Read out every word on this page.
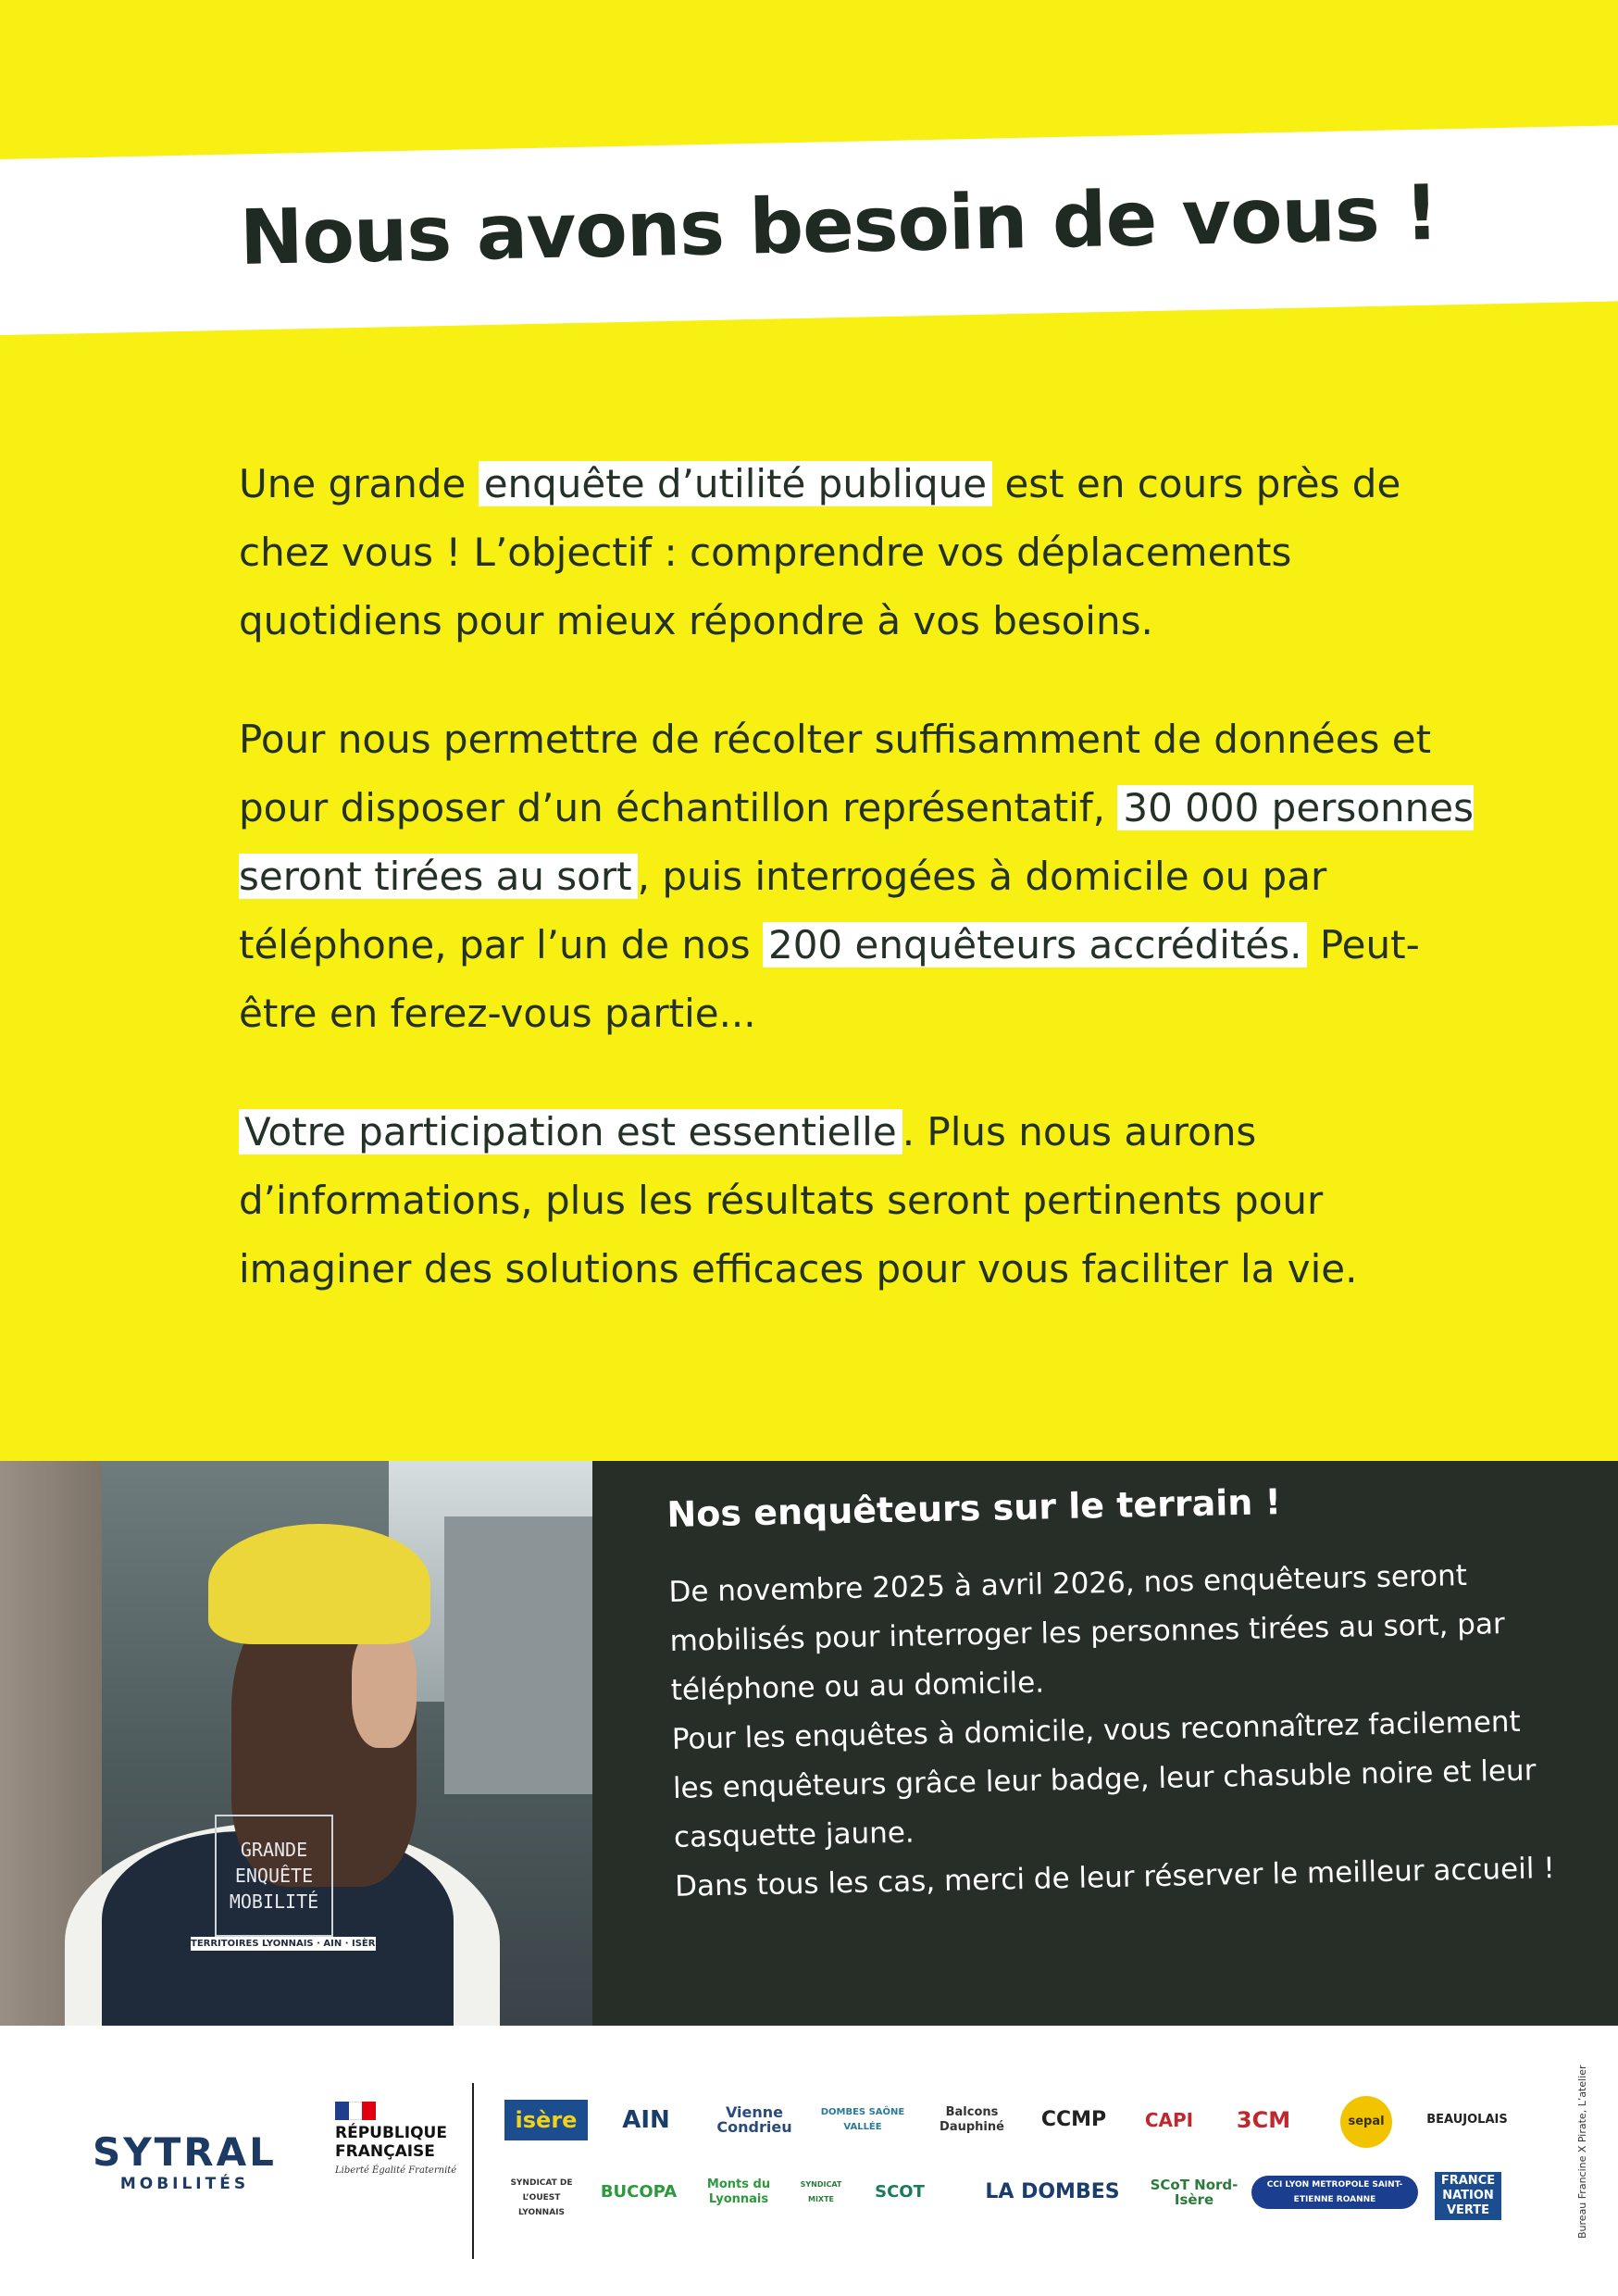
Nous avons besoin de vous !

Une grande enquête d’utilité publique est en cours près de chez vous ! L’objectif : comprendre vos déplacements quotidiens pour mieux répondre à vos besoins.

Pour nous permettre de récolter suffisamment de données et pour disposer d’un échantillon représentatif, 30 000 personnes seront tirées au sort , puis interrogées à domicile ou par téléphone, par l’un de nos 200 enquêteurs accrédités. Peut-être en ferez-vous partie...

Votre participation est essentielle . Plus nous aurons d’informations, plus les résultats seront pertinents pour imaginer des solutions efficaces pour vous faciliter la vie.

GRANDE
ENQUÊTE
MOBILITÉ
TERRITOIRES LYONNAIS · AIN · ISÈRE
Nos enquêteurs sur le terrain !
De novembre 2025 à avril 2026, nos enquêteurs seront mobilisés pour interroger les personnes tirées au sort, par téléphone ou au domicile.
Pour les enquêtes à domicile, vous reconnaîtrez facilement les enquêteurs grâce leur badge, leur chasuble noire et leur casquette jaune.
Dans tous les cas, merci de leur réserver le meilleur accueil !
SYTRAL
MOBILITÉS
RÉPUBLIQUE FRANÇAISE
Liberté Égalité Fraternité
isère	AIN	Vienne Condrieu
DOMBES SAÔNE VALLÉE
Balcons Dauphiné	CCMP	CAPI	3CM	sepal	BEAUJOLAIS
SYNDICAT DE L’OUEST LYONNAIS
BUCOPA	Monts du Lyonnais
SYNDICAT MIXTE	SCOT	LA DOMBES	SCoT Nord-Isère
CCI LYON METROPOLE SAINT-ETIENNE ROANNE
FRANCE NATION VERTE	Bureau Francine X Pirate, L’atelier
